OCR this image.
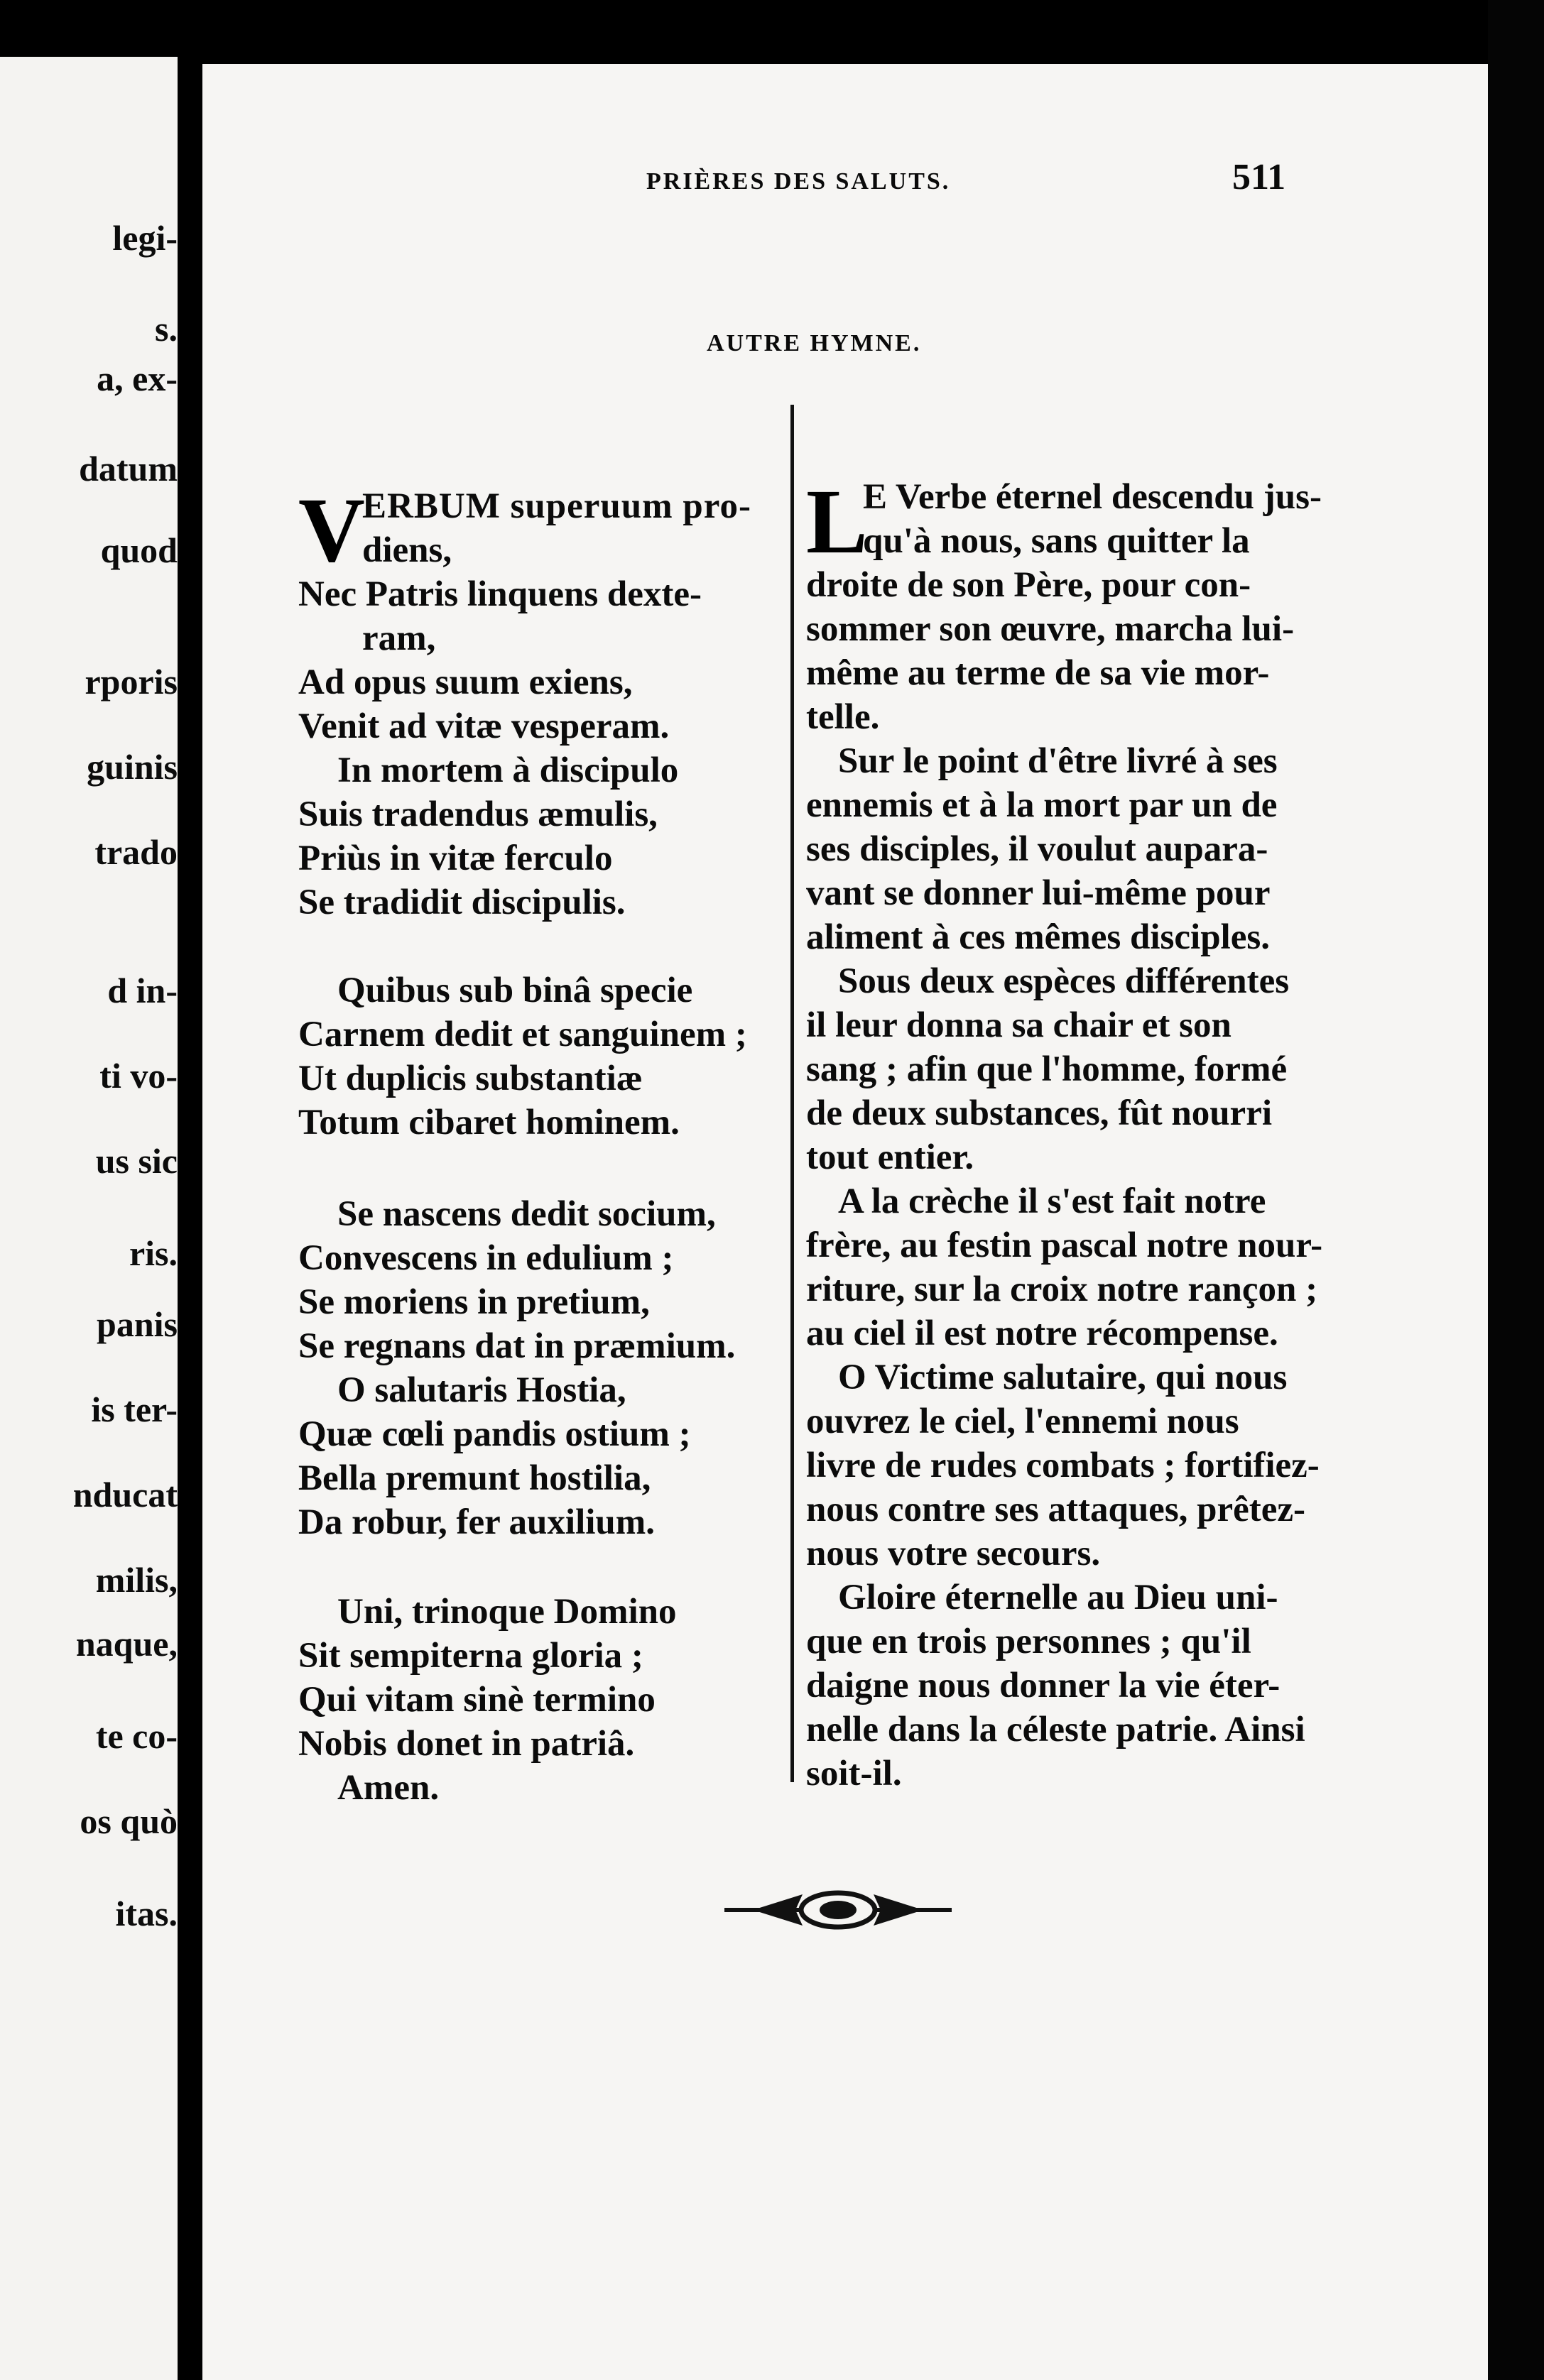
legi-
s.
a, ex-
datum
quod
rporis
guinis
trado
d in-
ti vo-
us sic
ris.
panis
is ter-
nducat
milis,
naque,
te co-
os quò
itas.
PRIÈRES DES SALUTS.	511
AUTRE HYMNE.
V
ERBUM superuum pro-
diens,
Nec Patris linquens dexte-
ram,
Ad opus suum exiens,
Venit ad vitæ vesperam.
In mortem à discipulo
Suis tradendus æmulis,
Priùs in vitæ ferculo
Se tradidit discipulis.
Quibus sub binâ specie
Carnem dedit et sanguinem ;
Ut duplicis substantiæ
Totum cibaret hominem.
Se nascens dedit socium,
Convescens in edulium ;
Se moriens in pretium,
Se regnans dat in præmium.
O salutaris Hostia,
Quæ cœli pandis ostium ;
Bella premunt hostilia,
Da robur, fer auxilium.
Uni, trinoque Domino
Sit sempiterna gloria ;
Qui vitam sinè termino
Nobis donet in patriâ.
Amen.
L
E Verbe éternel descendu jus-
qu'à nous, sans quitter la
droite de son Père, pour con-
sommer son œuvre, marcha lui-
même au terme de sa vie mor-
telle.
Sur le point d'être livré à ses
ennemis et à la mort par un de
ses disciples, il voulut aupara-
vant se donner lui-même pour
aliment à ces mêmes disciples.
Sous deux espèces différentes
il leur donna sa chair et son
sang ; afin que l'homme, formé
de deux substances, fût nourri
tout entier.
A la crèche il s'est fait notre
frère, au festin pascal notre nour-
riture, sur la croix notre rançon ;
au ciel il est notre récompense.
O Victime salutaire, qui nous
ouvrez le ciel, l'ennemi nous
livre de rudes combats ; fortifiez-
nous contre ses attaques, prêtez-
nous votre secours.
Gloire éternelle au Dieu uni-
que en trois personnes ; qu'il
daigne nous donner la vie éter-
nelle dans la céleste patrie. Ainsi
soit-il.
